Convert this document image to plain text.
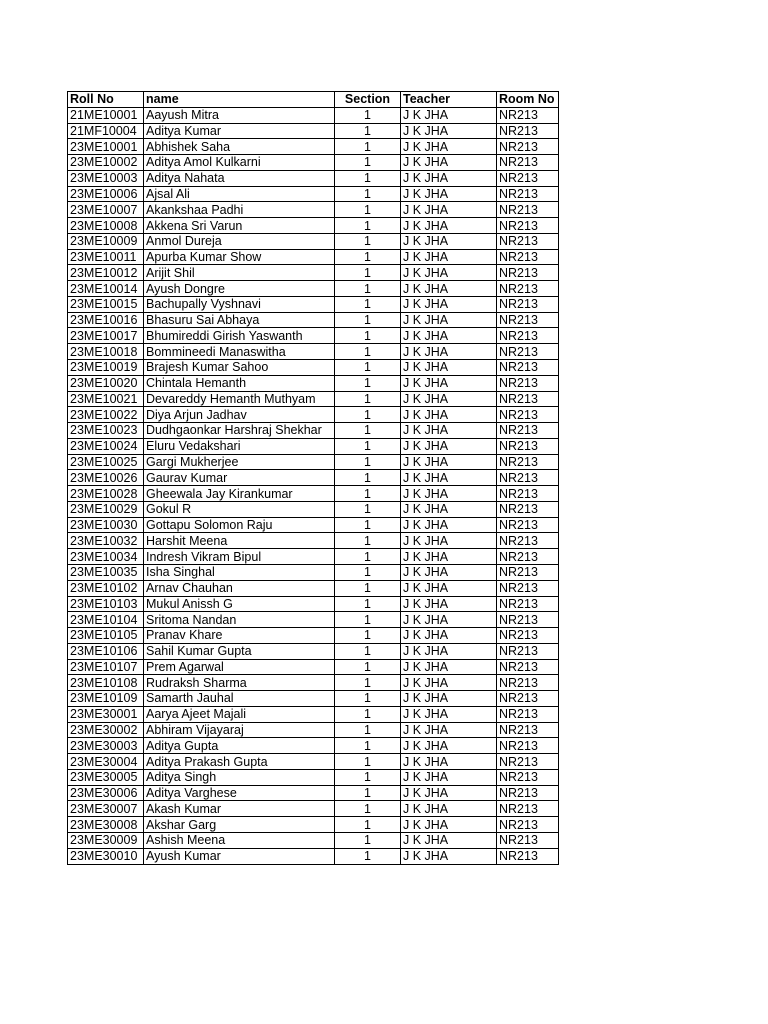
Roll No	name	Section	Teacher	Room No
21ME10001	Aayush Mitra	1	J K JHA	NR213
21MF10004	Aditya Kumar	1	J K JHA	NR213
23ME10001	Abhishek Saha	1	J K JHA	NR213
23ME10002	Aditya Amol Kulkarni	1	J K JHA	NR213
23ME10003	Aditya Nahata	1	J K JHA	NR213
23ME10006	Ajsal Ali	1	J K JHA	NR213
23ME10007	Akankshaa Padhi	1	J K JHA	NR213
23ME10008	Akkena Sri Varun	1	J K JHA	NR213
23ME10009	Anmol Dureja	1	J K JHA	NR213
23ME10011	Apurba Kumar Show	1	J K JHA	NR213
23ME10012	Arijit Shil	1	J K JHA	NR213
23ME10014	Ayush Dongre	1	J K JHA	NR213
23ME10015	Bachupally Vyshnavi	1	J K JHA	NR213
23ME10016	Bhasuru Sai Abhaya	1	J K JHA	NR213
23ME10017	Bhumireddi Girish Yaswanth	1	J K JHA	NR213
23ME10018	Bommineedi Manaswitha	1	J K JHA	NR213
23ME10019	Brajesh Kumar Sahoo	1	J K JHA	NR213
23ME10020	Chintala Hemanth	1	J K JHA	NR213
23ME10021	Devareddy Hemanth Muthyam	1	J K JHA	NR213
23ME10022	Diya Arjun Jadhav	1	J K JHA	NR213
23ME10023	Dudhgaonkar Harshraj Shekhar	1	J K JHA	NR213
23ME10024	Eluru Vedakshari	1	J K JHA	NR213
23ME10025	Gargi Mukherjee	1	J K JHA	NR213
23ME10026	Gaurav Kumar	1	J K JHA	NR213
23ME10028	Gheewala Jay Kirankumar	1	J K JHA	NR213
23ME10029	Gokul R	1	J K JHA	NR213
23ME10030	Gottapu Solomon Raju	1	J K JHA	NR213
23ME10032	Harshit Meena	1	J K JHA	NR213
23ME10034	Indresh Vikram Bipul	1	J K JHA	NR213
23ME10035	Isha Singhal	1	J K JHA	NR213
23ME10102	Arnav Chauhan	1	J K JHA	NR213
23ME10103	Mukul Anissh G	1	J K JHA	NR213
23ME10104	Sritoma Nandan	1	J K JHA	NR213
23ME10105	Pranav Khare	1	J K JHA	NR213
23ME10106	Sahil Kumar Gupta	1	J K JHA	NR213
23ME10107	Prem Agarwal	1	J K JHA	NR213
23ME10108	Rudraksh Sharma	1	J K JHA	NR213
23ME10109	Samarth Jauhal	1	J K JHA	NR213
23ME30001	Aarya Ajeet Majali	1	J K JHA	NR213
23ME30002	Abhiram Vijayaraj	1	J K JHA	NR213
23ME30003	Aditya Gupta	1	J K JHA	NR213
23ME30004	Aditya Prakash Gupta	1	J K JHA	NR213
23ME30005	Aditya Singh	1	J K JHA	NR213
23ME30006	Aditya Varghese	1	J K JHA	NR213
23ME30007	Akash Kumar	1	J K JHA	NR213
23ME30008	Akshar Garg	1	J K JHA	NR213
23ME30009	Ashish Meena	1	J K JHA	NR213
23ME30010	Ayush Kumar	1	J K JHA	NR213
